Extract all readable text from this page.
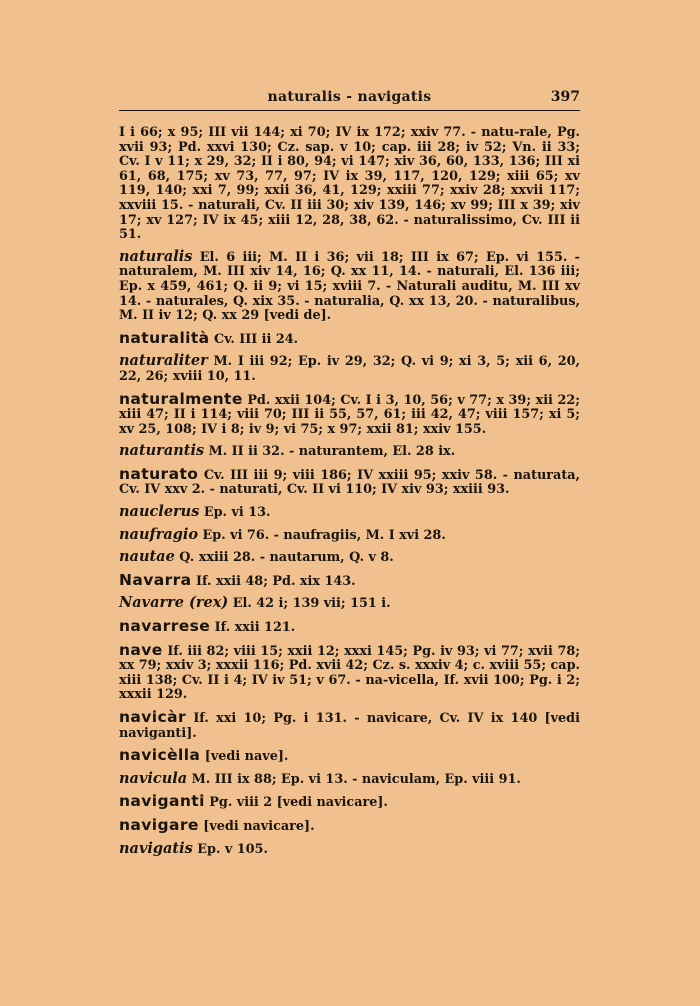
naturalis - navigatis	397
I i 66; x 95; III vii 144; xi 70; IV ix 172; xxiv 77. - natu-rale, Pg. xvii 93; Pd. xxvi 130; Cz. sap. v 10; cap. iii 28; iv 52; Vn. ii 33; Cv. I v 11; x 29, 32; II i 80, 94; vi 147; xiv 36, 60, 133, 136; III xi 61, 68, 175; xv 73, 77, 97; IV ix 39, 117, 120, 129; xiii 65; xv 119, 140; xxi 7, 99; xxii 36, 41, 129; xxiii 77; xxiv 28; xxvii 117; xxviii 15. - naturali, Cv. II iii 30; xiv 139, 146; xv 99; III x 39; xiv 17; xv 127; IV ix 45; xiii 12, 28, 38, 62. - naturalissimo, Cv. III ii 51.
naturalis El. 6 iii; M. II i 36; vii 18; III ix 67; Ep. vi 155. - naturalem, M. III xiv 14, 16; Q. xx 11, 14. - naturali, El. 136 iii; Ep. x 459, 461; Q. ii 9; vi 15; xviii 7. - Naturali auditu, M. III xv 14. - naturales, Q. xix 35. - naturalia, Q. xx 13, 20. - naturalibus, M. II iv 12; Q. xx 29 [vedi de].
naturalità Cv. III ii 24.
naturaliter M. I iii 92; Ep. iv 29, 32; Q. vi 9; xi 3, 5; xii 6, 20, 22, 26; xviii 10, 11.
naturalmente Pd. xxii 104; Cv. I i 3, 10, 56; v 77; x 39; xii 22; xiii 47; II i 114; viii 70; III ii 55, 57, 61; iii 42, 47; viii 157; xi 5; xv 25, 108; IV i 8; iv 9; vi 75; x 97; xxii 81; xxiv 155.
naturantis M. II ii 32. - naturantem, El. 28 ix.
naturato Cv. III iii 9; viii 186; IV xxiii 95; xxiv 58. - naturata, Cv. IV xxv 2. - naturati, Cv. II vi 110; IV xiv 93; xxiii 93.
nauclerus Ep. vi 13.
naufragio Ep. vi 76. - naufragiis, M. I xvi 28.
nautae Q. xxiii 28. - nautarum, Q. v 8.
Navarra If. xxii 48; Pd. xix 143.
Navarre (rex) El. 42 i; 139 vii; 151 i.
navarrese If. xxii 121.
nave If. iii 82; viii 15; xxii 12; xxxi 145; Pg. iv 93; vi 77; xvii 78; xx 79; xxiv 3; xxxii 116; Pd. xvii 42; Cz. s. xxxiv 4; c. xviii 55; cap. xiii 138; Cv. II i 4; IV iv 51; v 67. - na-vicella, If. xvii 100; Pg. i 2; xxxii 129.
navicàr If. xxi 10; Pg. i 131. - navicare, Cv. IV ix 140 [vedi naviganti].
navicèlla [vedi nave].
navicula M. III ix 88; Ep. vi 13. - naviculam, Ep. viii 91.
naviganti Pg. viii 2 [vedi navicare].
navigare [vedi navicare].
navigatis Ep. v 105.
